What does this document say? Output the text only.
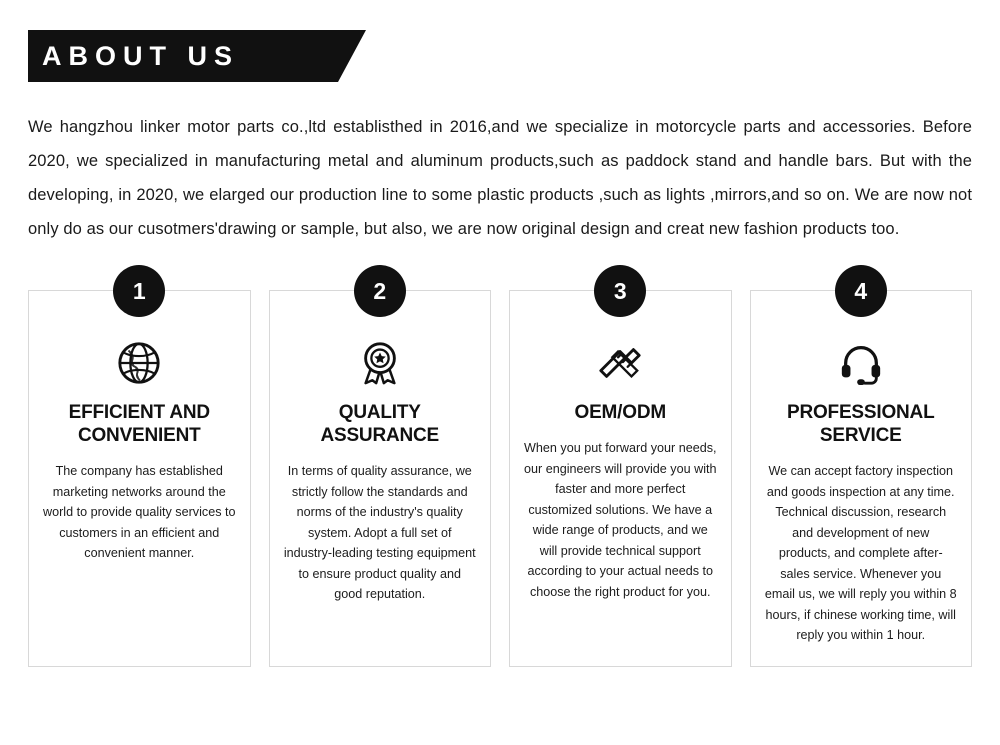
ABOUT US

We hangzhou linker motor parts co.,ltd establisthed in 2016,and we specialize in motorcycle parts and accessories. Before 2020, we specialized in manufacturing metal and aluminum products,such as paddock stand and handle bars. But with the developing, in 2020, we elarged our production line to some plastic products ,such as lights ,mirrors,and so on. We are now not only do as our cusotmers'drawing or sample, but also, we are now original design and creat new fashion products too.

1
EFFICIENT AND CONVENIENT

The company has established marketing networks around the world to provide quality services to customers in an efficient and convenient manner.

2
QUALITY ASSURANCE

In terms of quality assurance, we strictly follow the standards and norms of the industry's quality system. Adopt a full set of industry-leading testing equipment to ensure product quality and good reputation.

3
OEM/ODM

When you put forward your needs, our engineers will provide you with faster and more perfect customized solutions. We have a wide range of products, and we will provide technical support according to your actual needs to choose the right product for you.

4
PROFESSIONAL SERVICE

We can accept factory inspection and goods inspection at any time. Technical discussion, research and development of new products, and complete after-sales service. Whenever you email us, we will reply you within 8 hours, if chinese working time, will reply you within 1 hour.
